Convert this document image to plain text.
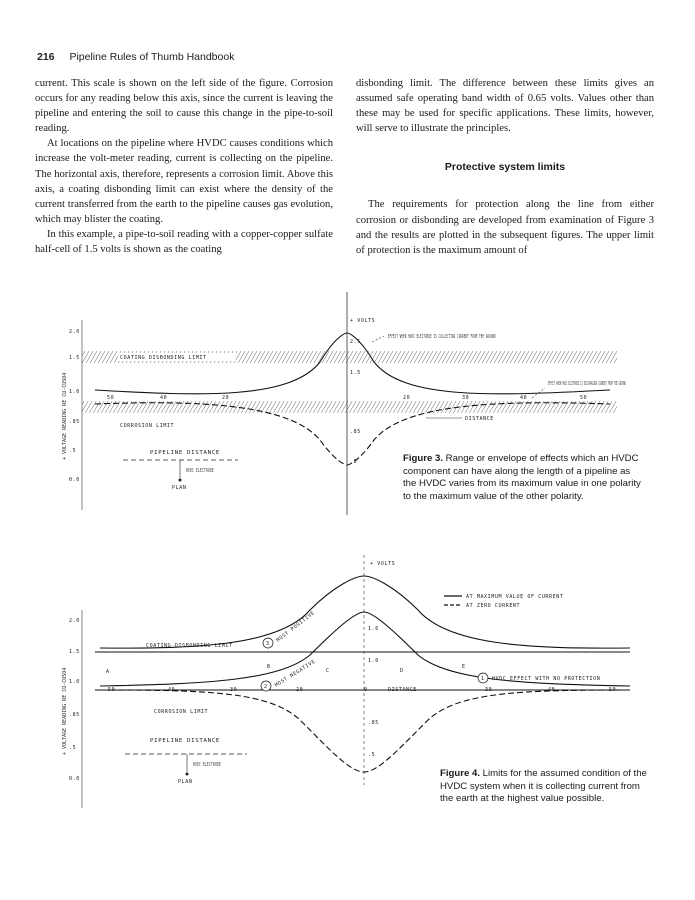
216 Pipeline Rules of Thumb Handbook

current. This scale is shown on the left side of the figure. Corrosion occurs for any reading below this axis, since the current is leaving the pipeline and entering the soil to cause this change in the pipe-to-soil reading.

At locations on the pipeline where HVDC causes conditions which increase the volt-meter reading, current is collecting on the pipeline. The horizontal axis, therefore, represents a corrosion limit. Above this axis, a coating disbonding limit can exist where the density of the current transferred from the earth to the pipeline causes gas evolution, which may blister the coating.

In this example, a pipe-to-soil reading with a copper-copper sulfate half-cell of 1.5 volts is shown as the coating

disbonding limit. The difference between these limits gives an assumed safe operating band width of 0.65 volts. Values other than these may be used for specific applications. These limits, however, will serve to illustrate the principles.

Protective system limits

The requirements for protection along the line from either corrosion or disbonding are developed from examination of Figure 3 and the results are plotted in the subsequent figures. The upper limit of protection is the maximum amount of

+ VOLTAGE READING RE CU-CUSO4
2.0
1.5
1.0
.85
.5
0.0
COATING DISBONDING LIMIT
CORROSION LIMIT
+ VOLTS
2.5
1.5
.85
.5
EFFECT WHEN HVDC ELECTRODE IS COLLECTING CURRENT FROM THE GROUND
EFFECT WHEN HVDC ELECTRODE IS DISCHARGING CURRENT FROM THE GROUND
DISTANCE
50	40	20	20	30	40	50
PIPELINE DISTANCE
HVDC ELECTRODE
PLAN
Figure 3. Range or envelope of effects which an HVDC component can have along the length of a pipeline as the HVDC varies from its maximum value in one polarity to the maximum value of the other polarity.
+ VOLTAGE READING RE CU-CUSO4
2.0
1.5
1.0
.85
.5
0.0
COATING DISBONDING LIMIT
CORROSION LIMIT
+ VOLTS
AT MAXIMUM VALUE OF CURRENT
AT ZERO CURRENT
3
MOST POSITIVE
2 MOST NEGATIVE	1 HVDC EFFECT WITH NO PROTECTION
A
B
C	D
E
1.6
1.0
.85
.5
0	DISTANCE
50	40	30	20	30	40	50
PIPELINE DISTANCE
HVDC ELECTRODE
PLAN
Figure 4. Limits for the assumed condition of the HVDC system when it is collecting current from the earth at the highest value possible.
